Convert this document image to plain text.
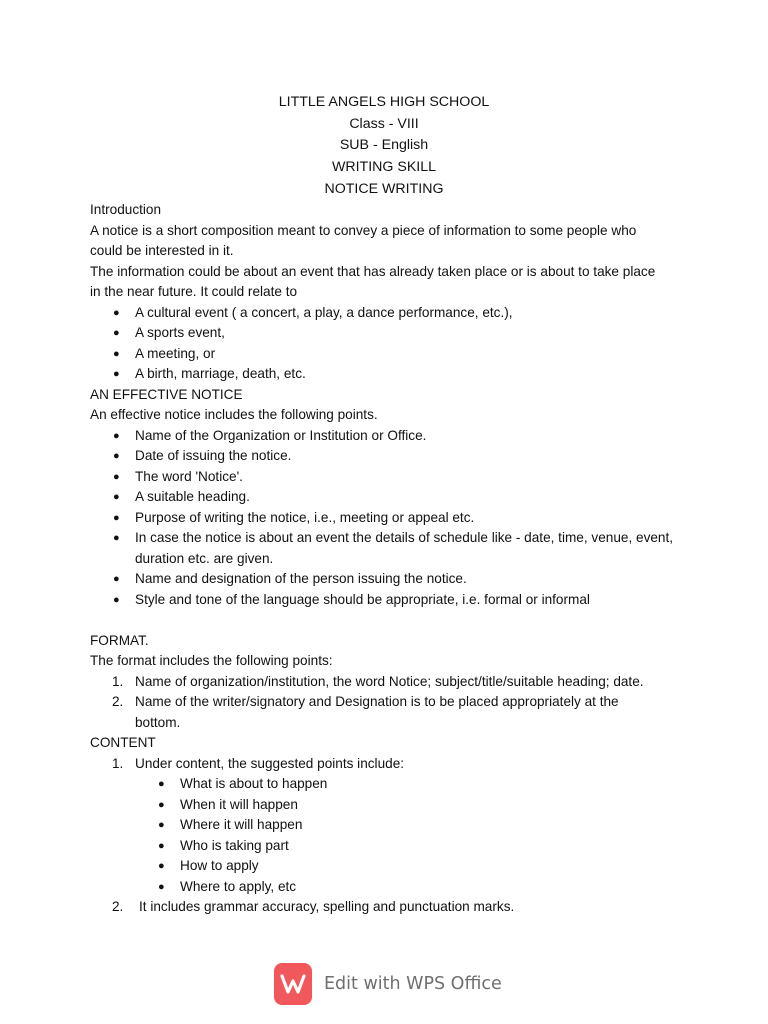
LITTLE ANGELS HIGH SCHOOL
Class - VIII
SUB - English
WRITING SKILL
NOTICE WRITING
Introduction
A notice is a short composition meant to convey a piece of information to some people who
could be interested in it.
The information could be about an event that has already taken place or is about to take place
in the near future. It could relate to
● A cultural event ( a concert, a play, a dance performance, etc.),
● A sports event,
● A meeting, or
● A birth, marriage, death, etc.
AN EFFECTIVE NOTICE
An effective notice includes the following points.
● Name of the Organization or Institution or Office.
● Date of issuing the notice.
● The word 'Notice'.
● A suitable heading.
● Purpose of writing the notice, i.e., meeting or appeal etc.
● In case the notice is about an event the details of schedule like - date, time, venue, event,
duration etc. are given.
● Name and designation of the person issuing the notice.
● Style and tone of the language should be appropriate, i.e. formal or informal
FORMAT.
The format includes the following points:
1. Name of organization/institution, the word Notice; subject/title/suitable heading; date.
2. Name of the writer/signatory and Designation is to be placed appropriately at the
bottom.
CONTENT
1. Under content, the suggested points include:
● What is about to happen
● When it will happen
● Where it will happen
● Who is taking part
● How to apply
● Where to apply, etc
2. It includes grammar accuracy, spelling and punctuation marks.
Edit with WPS Office
